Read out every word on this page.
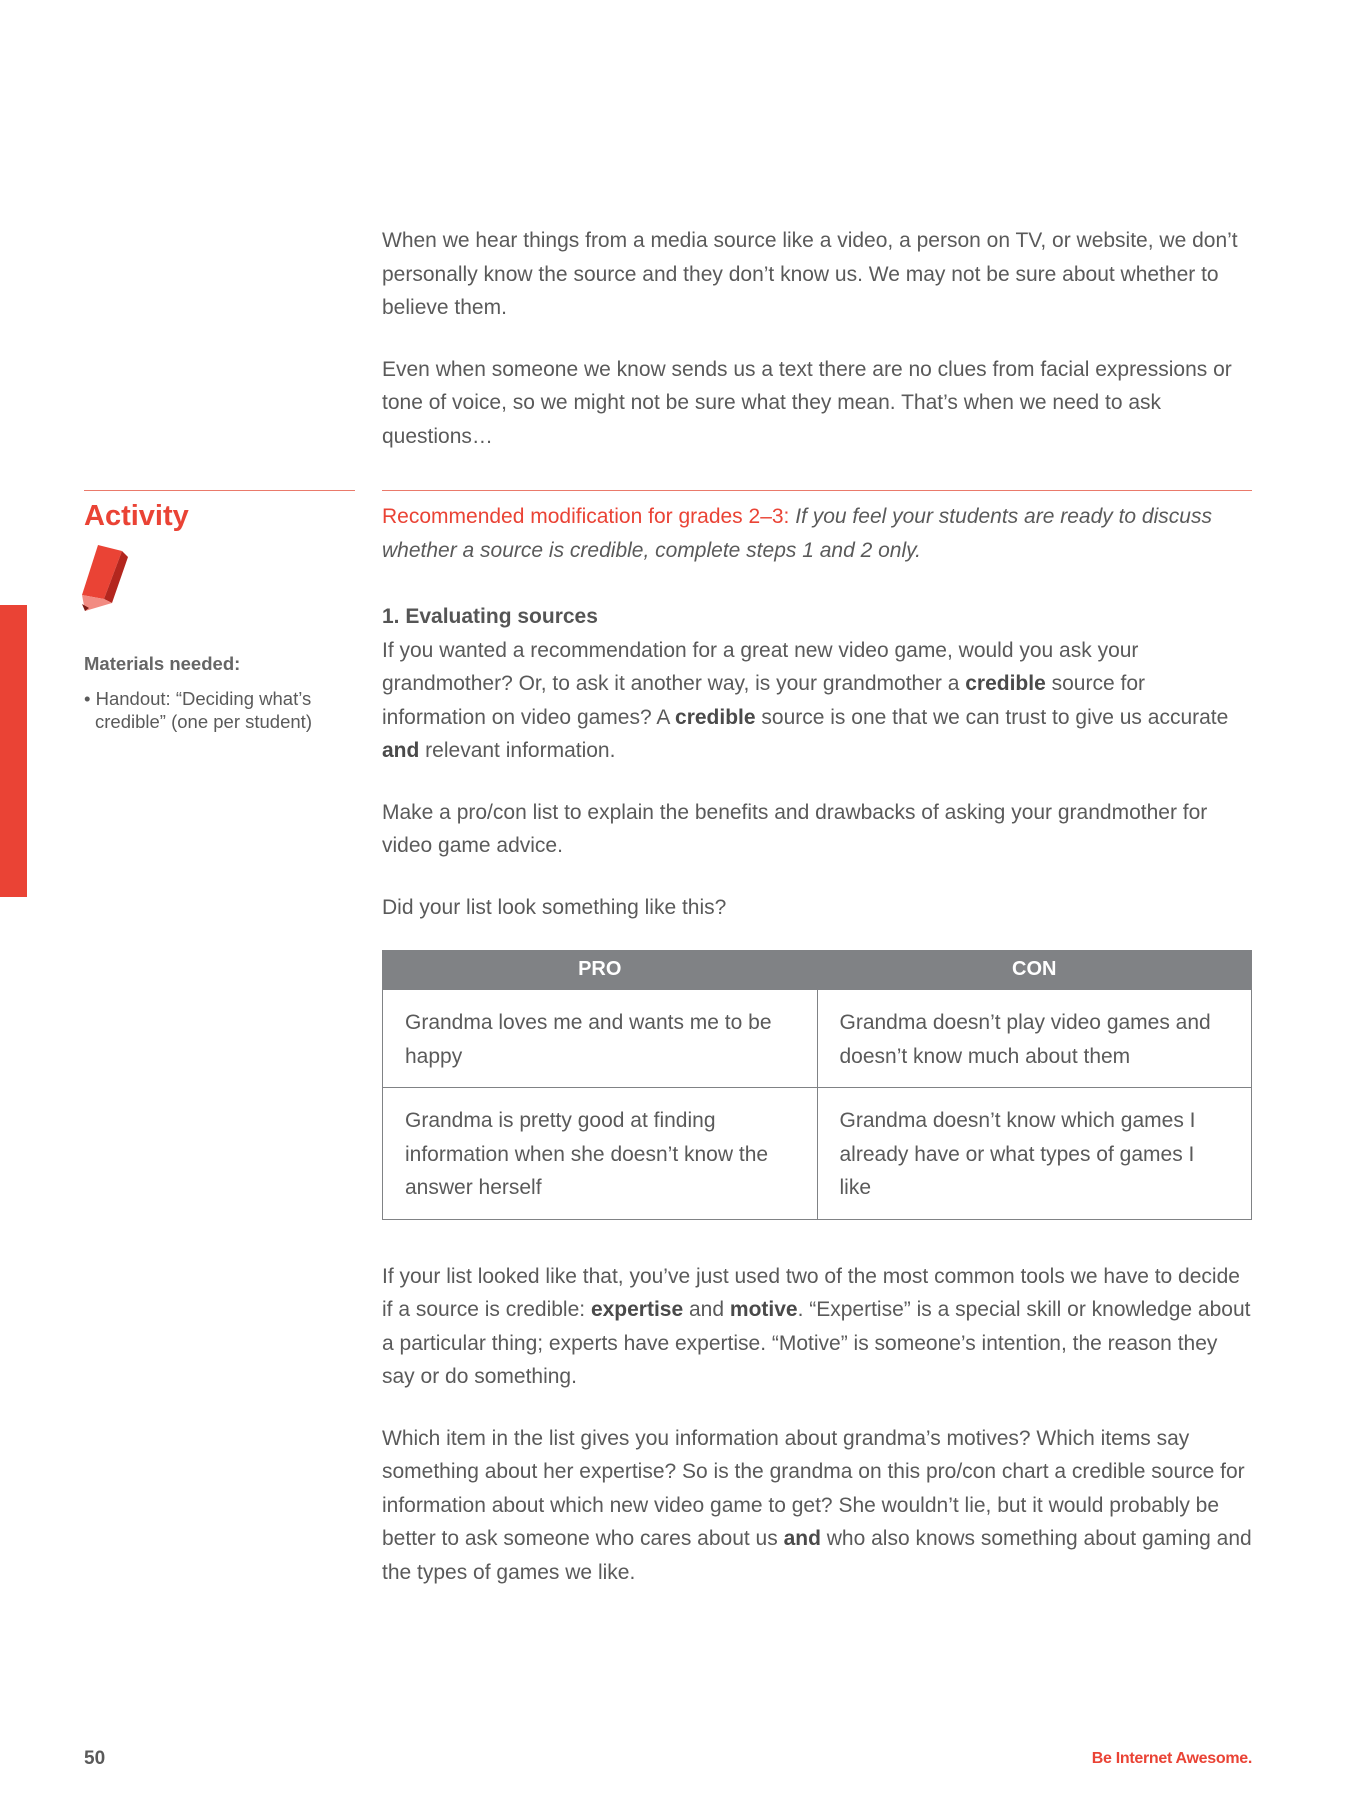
When we hear things from a media source like a video, a person on TV, or website, we don’t personally know the source and they don’t know us. We may not be sure about whether to believe them.

Even when someone we know sends us a text there are no clues from facial expressions or tone of voice, so we might not be sure what they mean. That’s when we need to ask questions…

Activity
Materials needed:
• Handout: “Deciding what’s credible” (one per student)

Recommended modification for grades 2–3: If you feel your students are ready to discuss whether a source is credible, complete steps 1 and 2 only.

1. Evaluating sources

If you wanted a recommendation for a great new video game, would you ask your grandmother? Or, to ask it another way, is your grandmother a credible source for information on video games? A credible source is one that we can trust to give us accurate and relevant information.

Make a pro/con list to explain the benefits and drawbacks of asking your grandmother for video game advice.

Did your list look something like this?

PRO	CON
Grandma loves me and wants me to be happy	Grandma doesn’t play video games and doesn’t know much about them
Grandma is pretty good at finding information when she doesn’t know the answer herself	Grandma doesn’t know which games I already have or what types of games I like

If your list looked like that, you’ve just used two of the most common tools we have to decide if a source is credible: expertise and motive. “Expertise” is a special skill or knowledge about a particular thing; experts have expertise. “Motive” is someone’s intention, the reason they say or do something.

Which item in the list gives you information about grandma’s motives? Which items say something about her expertise? So is the grandma on this pro/con chart a credible source for information about which new video game to get? She wouldn’t lie, but it would probably be better to ask someone who cares about us and who also knows something about gaming and the types of games we like.

50	Be Internet Awesome.
